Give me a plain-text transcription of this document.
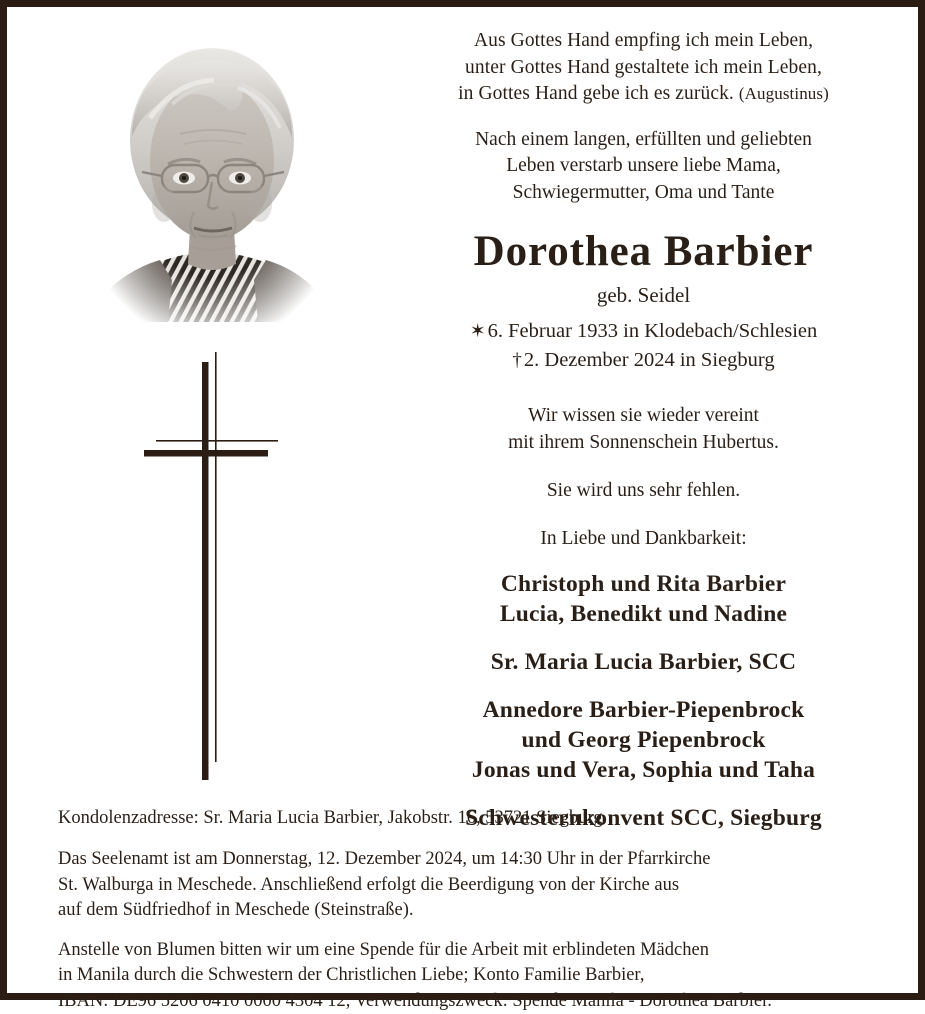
Aus Gottes Hand empfing ich mein Leben,
unter Gottes Hand gestaltete ich mein Leben,
in Gottes Hand gebe ich es zurück. (Augustinus)
Nach einem langen, erfüllten und geliebten
Leben verstarb unsere liebe Mama,
Schwiegermutter, Oma und Tante
Dorothea Barbier
geb. Seidel
✶6. Februar 1933 in Klodebach/Schlesien
†2. Dezember 2024 in Siegburg
Wir wissen sie wieder vereint
mit ihrem Sonnenschein Hubertus.
Sie wird uns sehr fehlen.
In Liebe und Dankbarkeit:
Christoph und Rita Barbier
Lucia, Benedikt und Nadine
Sr. Maria Lucia Barbier, SCC
Annedore Barbier-Piepenbrock
und Georg Piepenbrock
Jonas und Vera, Sophia und Taha
Schwesternkonvent SCC, Siegburg
Kondolenzadresse: Sr. Maria Lucia Barbier, Jakobstr. 16, 53721 Siegburg
Das Seelenamt ist am Donnerstag, 12. Dezember 2024, um 14:30 Uhr in der Pfarrkirche
St. Walburga in Meschede. Anschließend erfolgt die Beerdigung von der Kirche aus
auf dem Südfriedhof in Meschede (Steinstraße).
Anstelle von Blumen bitten wir um eine Spende für die Arbeit mit erblindeten Mädchen
in Manila durch die Schwestern der Christlichen Liebe; Konto Familie Barbier,
IBAN: DE96 5206 0410 0000 4304 12, Verwendungszweck: Spende Manila - Dorothea Barbier.
